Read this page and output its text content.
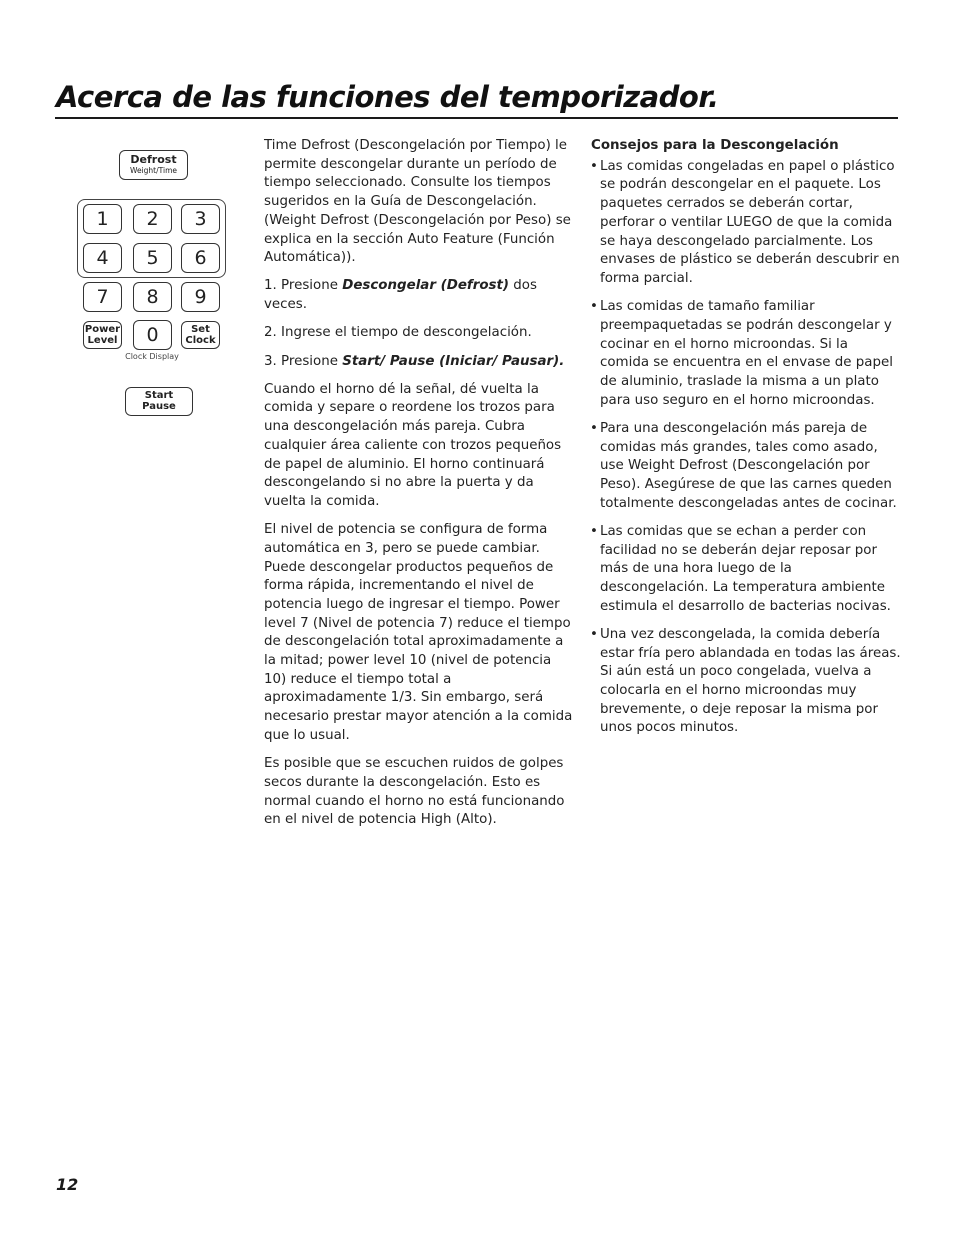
Acerca de las funciones del temporizador.
Defrost
Weight/Time
1	2	3
4	5	6
7	8	9
Power
Level	0	Set
Clock
Clock Display
Start
Pause

Time Defrost (Descongelación por Tiempo) le permite descongelar durante un período de tiempo seleccionado. Consulte los tiempos sugeridos en la Guía de Descongelación. (Weight Defrost (Descongelación por Peso) se explica en la sección Auto Feature (Función Automática)).

1. Presione Descongelar (Defrost) dos veces.

2. Ingrese el tiempo de descongelación.

3. Presione Start/ Pause (Iniciar/ Pausar).

Cuando el horno dé la señal, dé vuelta la comida y separe o reordene los trozos para una descongelación más pareja. Cubra cualquier área caliente con trozos pequeños de papel de aluminio. El horno continuará descongelando si no abre la puerta y da vuelta la comida.

El nivel de potencia se configura de forma automática en 3, pero se puede cambiar. Puede descongelar productos pequeños de forma rápida, incrementando el nivel de potencia luego de ingresar el tiempo. Power level 7 (Nivel de potencia 7) reduce el tiempo de descongelación total aproximadamente a la mitad; power level 10 (nivel de potencia 10) reduce el tiempo total a aproximadamente 1/3. Sin embargo, será necesario prestar mayor atención a la comida que lo usual.

Es posible que se escuchen ruidos de golpes secos durante la descongelación. Esto es normal cuando el horno no está funcionando en el nivel de potencia High (Alto).

Consejos para la Descongelación
• Las comidas congeladas en papel o plástico se podrán descongelar en el paquete. Los paquetes cerrados se deberán cortar, perforar o ventilar LUEGO de que la comida se haya descongelado parcialmente. Los envases de plástico se deberán descubrir en forma parcial.
• Las comidas de tamaño familiar preempaquetadas se podrán descongelar y cocinar en el horno microondas. Si la comida se encuentra en el envase de papel de aluminio, traslade la misma a un plato para uso seguro en el horno microondas.
• Para una descongelación más pareja de comidas más grandes, tales como asado, use Weight Defrost (Descongelación por Peso). Asegúrese de que las carnes queden totalmente descongeladas antes de cocinar.
• Las comidas que se echan a perder con facilidad no se deberán dejar reposar por más de una hora luego de la descongelación. La temperatura ambiente estimula el desarrollo de bacterias nocivas.
• Una vez descongelada, la comida debería estar fría pero ablandada en todas las áreas. Si aún está un poco congelada, vuelva a colocarla en el horno microondas muy brevemente, o deje reposar la misma por unos pocos minutos.
12
